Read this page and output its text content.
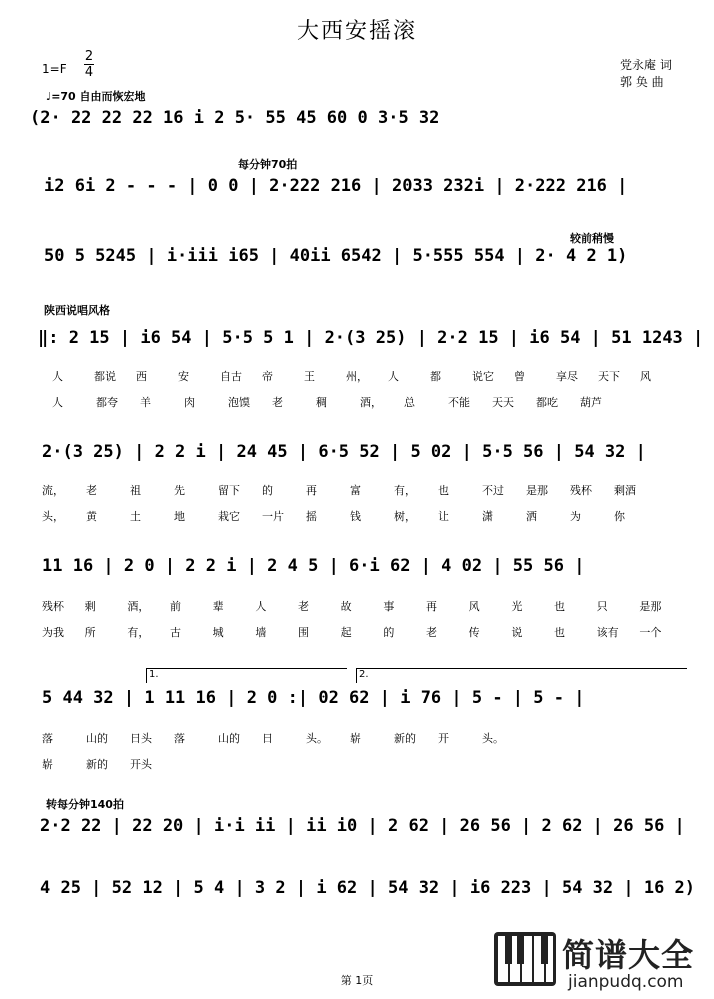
大西安摇滚
1=F
2
4	党永庵 词
郭 奂 曲
♩=70 自由而恢宏地
(2· 22 22 22 16 i 2 5· 55 45 60 0 3·5 32
每分钟70拍
i2 6i 2 - - - | 0 0 | 2·222 216 | 2033 232i | 2·222 216 |
较前稍慢
50 5 5245 | i·iii i65 | 40ii 6542 | 5·555 554 | 2· 4 2 1)
陕西说唱风格
‖: 2 15 | i6 54 | 5·5 5 1 | 2·(3 25) | 2·2 15 | i6 54 | 51 1243 |
人	都说 西	安	自古 帝	王	州， 人	都	说它 曾	享尽 天下 风
人	都夸 羊	肉	泡馍 老	稠	酒， 总	不能 天天 都吃 葫芦
2·(3 25) | 2 2 i | 24 45 | 6·5 52 | 5 02 | 5·5 56 | 54 32 |
流， 老	祖	先	留下 的	再	富	有， 也	不过 是那 残杯 剩酒
头， 黄	土	地	栽它 一片 摇	钱	树， 让	潇	洒	为	你
11 16 | 2 0 | 2 2 i | 2 4 5 | 6·i 62 | 4 02 | 55 56 |
残杯 剩	酒， 前	辈	人	老	故	事	再	风	光	也	只	是那
为我 所	有， 古	城	墙	围	起	的	老	传	说	也	该有 一个
1.	2.
5 44 32 | 1 11 16 | 2 0 :| 02 62 | i 76 | 5 - | 5 - |
落	山的 日头 落	山的 日	头。 崭	新的 开	头。
崭	新的 开头
转每分钟140拍
2·2 22 | 22 20 | i·i ii | ii i0 | 2 62 | 26 56 | 2 62 | 26 56 |
4 25 | 52 12 | 5 4 | 3 2 | i 62 | 54 32 | i6 223 | 54 32 | 16 2)
第 1页
简谱大全
jianpudq.com
